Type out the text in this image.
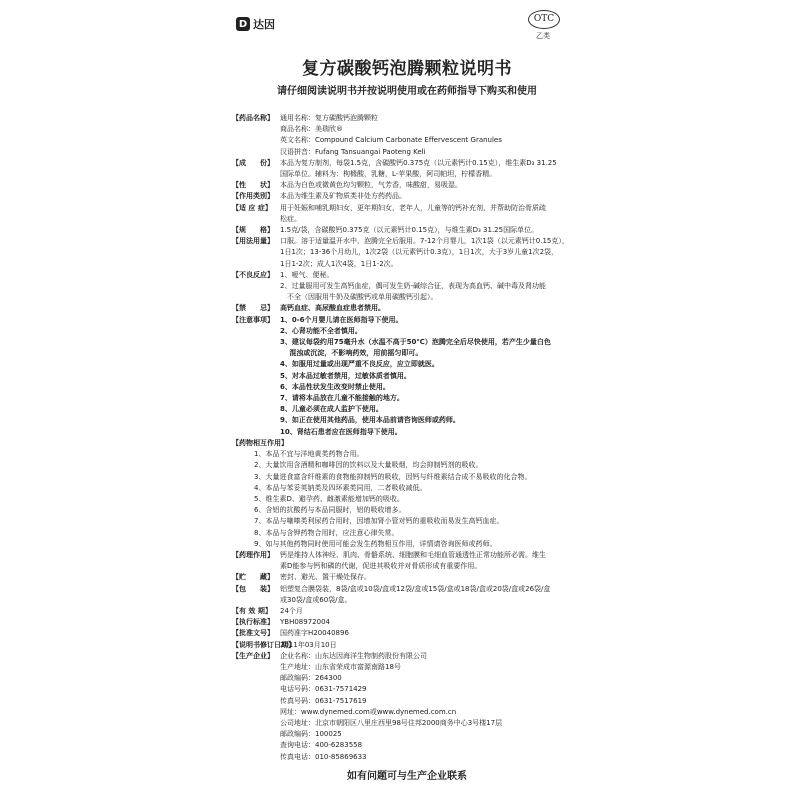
D 达因	OTC
乙类
复方碳酸钙泡腾颗粒说明书
请仔细阅读说明书并按说明使用或在药师指导下购买和使用
【药品名称】 通用名称：复方碳酸钙泡腾颗粒
商品名称：美瑞欣®
英文名称：Compound Calcium Carbonate Effervescent Granules
汉语拼音：Fufang Tansuangai Paoteng Keli
【成　　份】 本品为复方制剂，每袋1.5克，含碳酸钙0.375克（以元素钙计0.15克），维生素D₃ 31.25
国际单位。辅料为：枸橼酸，乳糖，L-苹果酸，阿司帕坦，柠檬香精。
【性　　状】 本品为白色或微黄色均匀颗粒，气芳香，味酸甜，易吸湿。
【作用类别】 本品为维生素及矿物质类非处方药药品。
【适 应 症】	用于妊娠和哺乳期妇女，更年期妇女，老年人，儿童等的钙补充剂，并帮助防治骨质疏
松症。
【规　　格】 1.5克/袋，含碳酸钙0.375克（以元素钙计0.15克），与维生素D₃ 31.25国际单位。
【用法用量】 口服。溶于适量温开水中，泡腾完全后服用。7-12个月婴儿，1次1袋（以元素钙计0.15克），
1日1次；13-36个月幼儿，1次2袋（以元素钙计0.3克），1日1次，大于3岁儿童1次2袋，
1日1-2次；成人1次4袋，1日1-2次。
【不良反应】 1、嗳气、便秘。
2、过量服用可发生高钙血症，偶可发生奶-碱综合征，表现为高血钙、碱中毒及肾功能
　不全（因服用牛奶及碳酸钙或单用碳酸钙引起）。
【禁　　忌】 高钙血症、高尿酸血症患者禁用。
【注意事项】 1、0-6个月婴儿请在医师指导下使用。
2、心肾功能不全者慎用。
3、建议每袋约用75毫升水（水温不高于50℃）泡腾完全后尽快使用，若产生少量白色
　 混浊或沉淀，不影响药效，用前摇匀即可。
4、如服用过量或出现严重不良反应，应立即就医。
5、对本品过敏者禁用，过敏体质者慎用。
6、本品性状发生改变时禁止使用。
7、请将本品放在儿童不能接触的地方。
8、儿童必须在成人监护下使用。
9、如正在使用其他药品，使用本品前请咨询医师或药师。
10、肾结石患者应在医师指导下使用。
【药物相互作用】
1、本品不宜与洋地黄类药物合用。
2、大量饮用含酒精和咖啡因的饮料以及大量吸烟，均会抑制钙剂的吸收。
3、大量进食富含纤维素的食物能抑制钙的吸收，因钙与纤维素结合成不易吸收的化合物。
4、本品与苯妥英钠类及四环素类同用，二者吸收减低。
5、维生素D、避孕药、雌激素能增加钙的吸收。
6、含铝的抗酸药与本品同服时，铝的吸收增多。
7、本品与噻嗪类利尿药合用时，因增加肾小管对钙的重吸收而易发生高钙血症。
8、本品与含钾药物合用时，应注意心律失常。
9、如与其他药物同时使用可能会发生药物相互作用，详情请咨询医师或药师。
【药理作用】 钙是维持人体神经、肌肉、骨骼系统、细胞膜和毛细血管通透性正常功能所必需。维生
素D能参与钙和磷的代谢，促进其吸收并对骨质形成有重要作用。
【贮　　藏】 密封、避光、置干燥处保存。
【包　　装】 铝塑复合膜袋装，8袋/盒或10袋/盒或12袋/盒或15袋/盒或18袋/盒或20袋/盒或26袋/盒
或30袋/盒或60袋/盒。
【有 效 期】	24个月
【执行标准】 YBH08972004
【批准文号】 国药准字H20040896
【说明书修订日期】
2011年03月10日
【生产企业】 企业名称：山东达因海洋生物制药股份有限公司
生产地址：山东省荣成市富源南路18号
邮政编码：264300
电话号码：0631-7571429
传真号码：0631-7517619
网址：www.dynemed.com或www.dynemed.com.cn
公司地址：北京市朝阳区八里庄西里98号住邦2000商务中心3号楼17层
邮政编码：100025
查询电话：400-6283558
传真电话：010-85869633
如有问题可与生产企业联系
